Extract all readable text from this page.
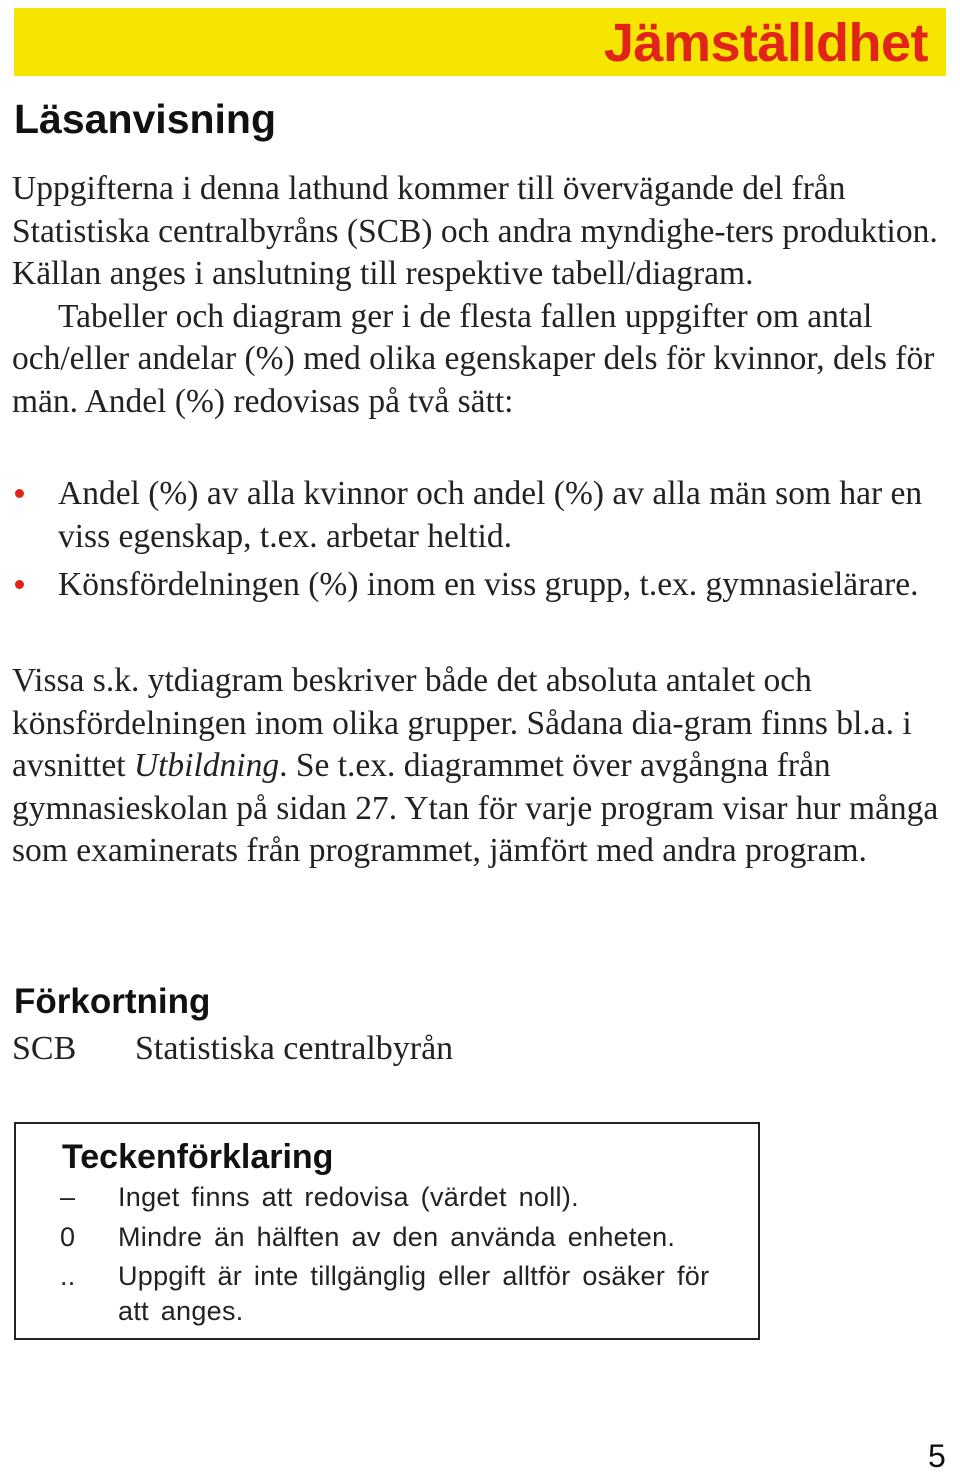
Jämställdhet
Läsanvisning

Uppgifterna i denna lathund kommer till övervägande del från Statistiska centralbyråns (SCB) och andra myndighe-ters produktion. Källan anges i anslutning till respektive tabell/diagram.

Tabeller och diagram ger i de flesta fallen uppgifter om antal och/eller andelar (%) med olika egenskaper dels för kvinnor, dels för män. Andel (%) redovisas på två sätt:

Andel (%) av alla kvinnor och andel (%) av alla män som har en viss egenskap, t.ex. arbetar heltid.
Könsfördelningen (%) inom en viss grupp, t.ex. gymnasielärare.

Vissa s.k. ytdiagram beskriver både det absoluta antalet och könsfördelningen inom olika grupper. Sådana dia-gram finns bl.a. i avsnittet Utbildning. Se t.ex. diagrammet över avgångna från gymnasieskolan på sidan 27. Ytan för varje program visar hur många som examinerats från programmet, jämfört med andra program.

Förkortning
SCB Statistiska centralbyrån
Teckenförklaring
– Inget finns att redovisa (värdet noll).
0 Mindre än hälften av den använda enheten.
.. Uppgift är inte tillgänglig eller alltför osäker för att anges.
5
